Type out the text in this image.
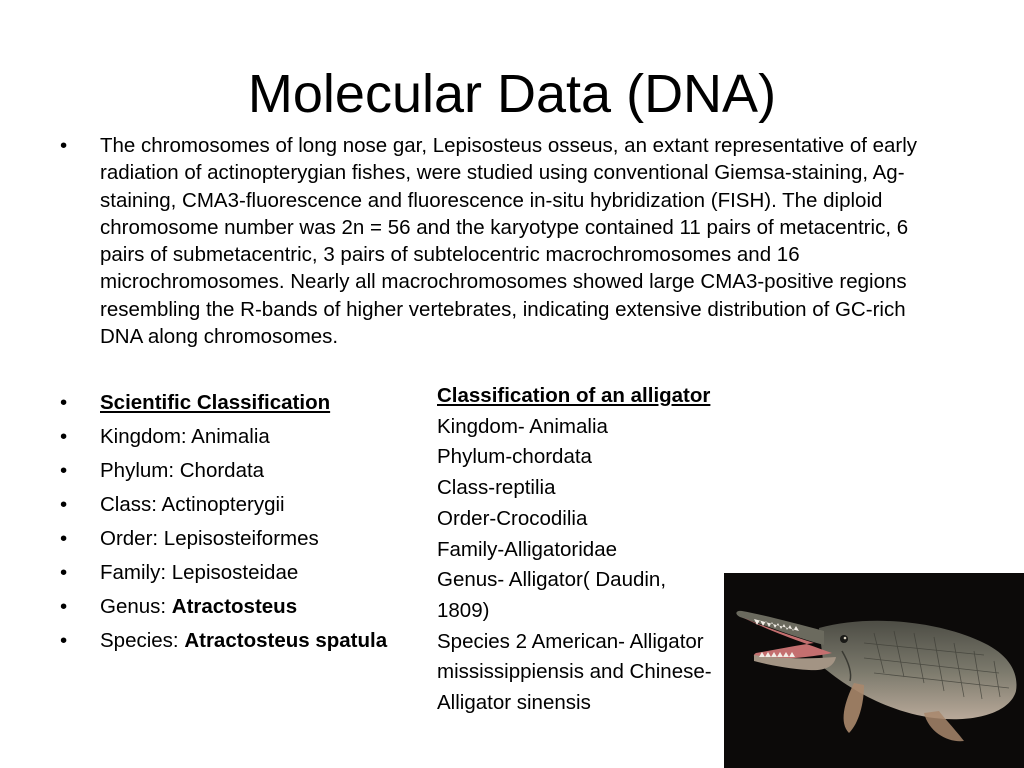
Molecular Data (DNA)
•	The chromosomes of long nose gar, Lepisosteus osseus, an extant representative of early radiation of actinopterygian fishes, were studied using conventional Giemsa-staining, Ag-staining, CMA3-fluorescence and fluorescence in-situ hybridization (FISH). The diploid chromosome number was 2n = 56 and the karyotype contained 11 pairs of metacentric, 6 pairs of submetacentric, 3 pairs of subtelocentric macrochromosomes and 16 microchromosomes. Nearly all macrochromosomes showed large CMA3-positive regions resembling the R-bands of higher vertebrates, indicating extensive distribution of GC-rich DNA along chromosomes.
•	Scientific Classification
•	Kingdom: Animalia
•	Phylum: Chordata
•	Class: Actinopterygii
•	Order: Lepisosteiformes
•	Family: Lepisosteidae
•	Genus: Atractosteus
•	Species: Atractosteus spatula
Classification of an alligator
Kingdom- Animalia
Phylum-chordata
Class-reptilia
Order-Crocodilia
Family-Alligatoridae
Genus- Alligator( Daudin,
1809)
Species 2 American- Alligator
mississippiensis and Chinese-
Alligator sinensis
